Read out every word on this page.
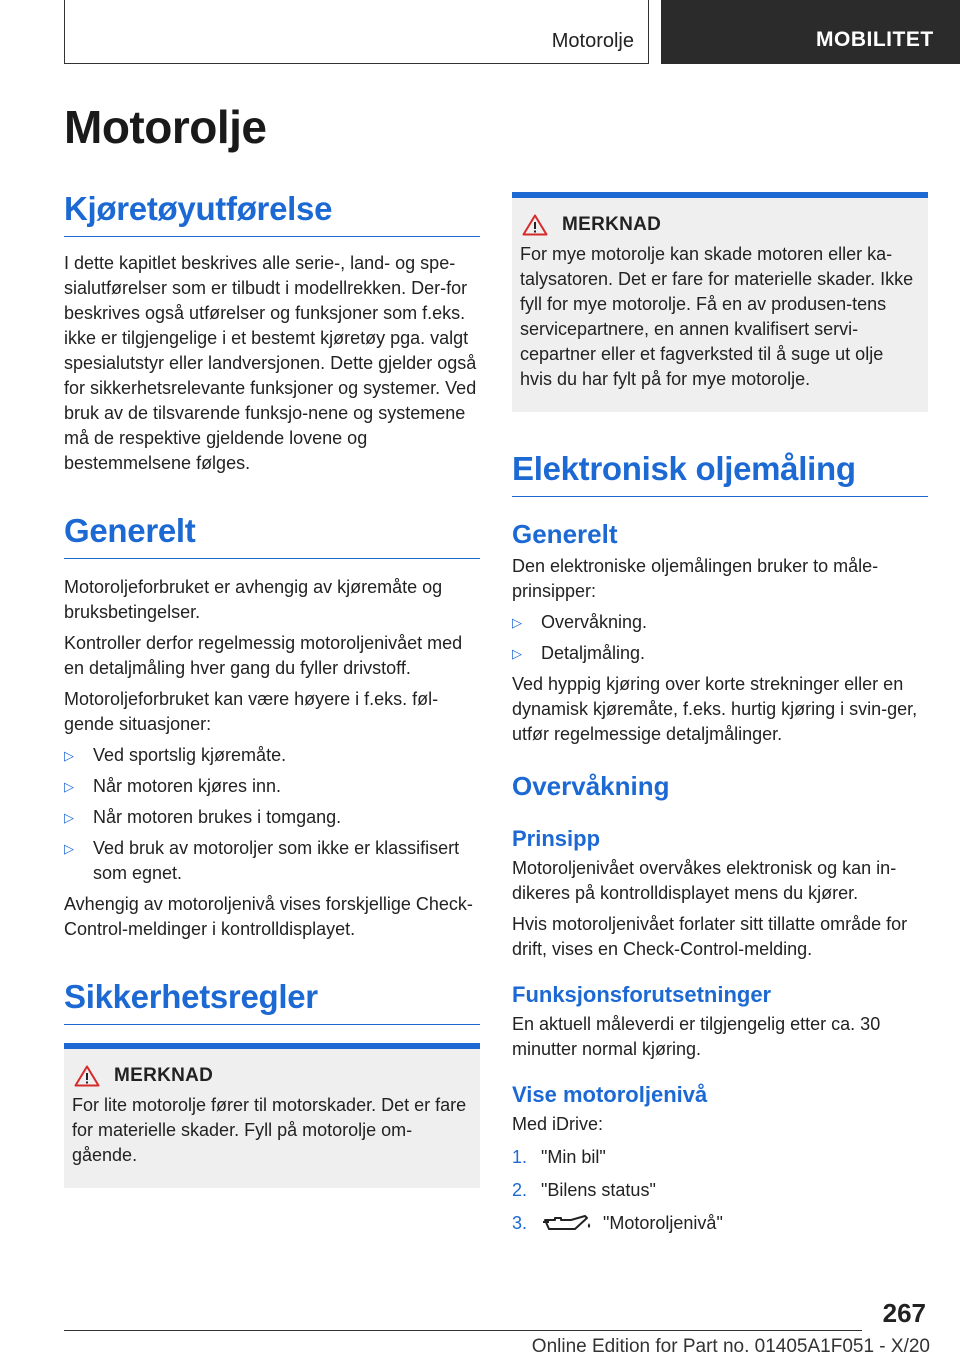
Motorolje	MOBILITET
Motorolje
Kjøretøyutførelse

I dette kapitlet beskrives alle serie-, land- og spe-sialutførelser som er tilbudt i modellrekken. Der-for beskrives også utførelser og funksjoner som f.eks. ikke er tilgjengelige i et bestemt kjøretøy pga. valgt spesialutstyr eller landversjonen. Dette gjelder også for sikkerhetsrelevante funksjoner og systemer. Ved bruk av de tilsvarende funksjo-nene og systemene må de respektive gjeldende lovene og bestemmelsene følges.

Generelt

Motoroljeforbruket er avhengig av kjøremåte og bruksbetingelser.

Kontroller derfor regelmessig motoroljenivået med en detaljmåling hver gang du fyller drivstoff.

Motoroljeforbruket kan være høyere i f.eks. føl-gende situasjoner:

▷ Ved sportslig kjøremåte.
▷ Når motoren kjøres inn.
▷ Når motoren brukes i tomgang.
▷ Ved bruk av motoroljer som ikke er klassifisert som egnet.

Avhengig av motoroljenivå vises forskjellige Check-Control-meldinger i kontrolldisplayet.

Sikkerhetsregler
MERKNAD

For lite motorolje fører til motorskader. Det er fare for materielle skader. Fyll på motorolje om-gående.

MERKNAD

For mye motorolje kan skade motoren eller ka-talysatoren. Det er fare for materielle skader. Ikke fyll for mye motorolje. Få en av produsen-tens servicepartnere, en annen kvalifisert servi-cepartner eller et fagverksted til å suge ut olje hvis du har fylt på for mye motorolje.

Elektronisk oljemåling
Generelt

Den elektroniske oljemålingen bruker to måle-prinsipper:

▷ Overvåkning.
▷ Detaljmåling.

Ved hyppig kjøring over korte strekninger eller en dynamisk kjøremåte, f.eks. hurtig kjøring i svin-ger, utfør regelmessige detaljmålinger.

Overvåkning
Prinsipp

Motoroljenivået overvåkes elektronisk og kan in-dikeres på kontrolldisplayet mens du kjører.

Hvis motoroljenivået forlater sitt tillatte område for drift, vises en Check-Control-melding.

Funksjonsforutsetninger

En aktuell måleverdi er tilgjengelig etter ca. 30 minutter normal kjøring.

Vise motoroljenivå

Med iDrive:

1. "Min bil"
2. "Bilens status"
3.	"Motoroljenivå"
267
Online Edition for Part no. 01405A1F051 - X/20
